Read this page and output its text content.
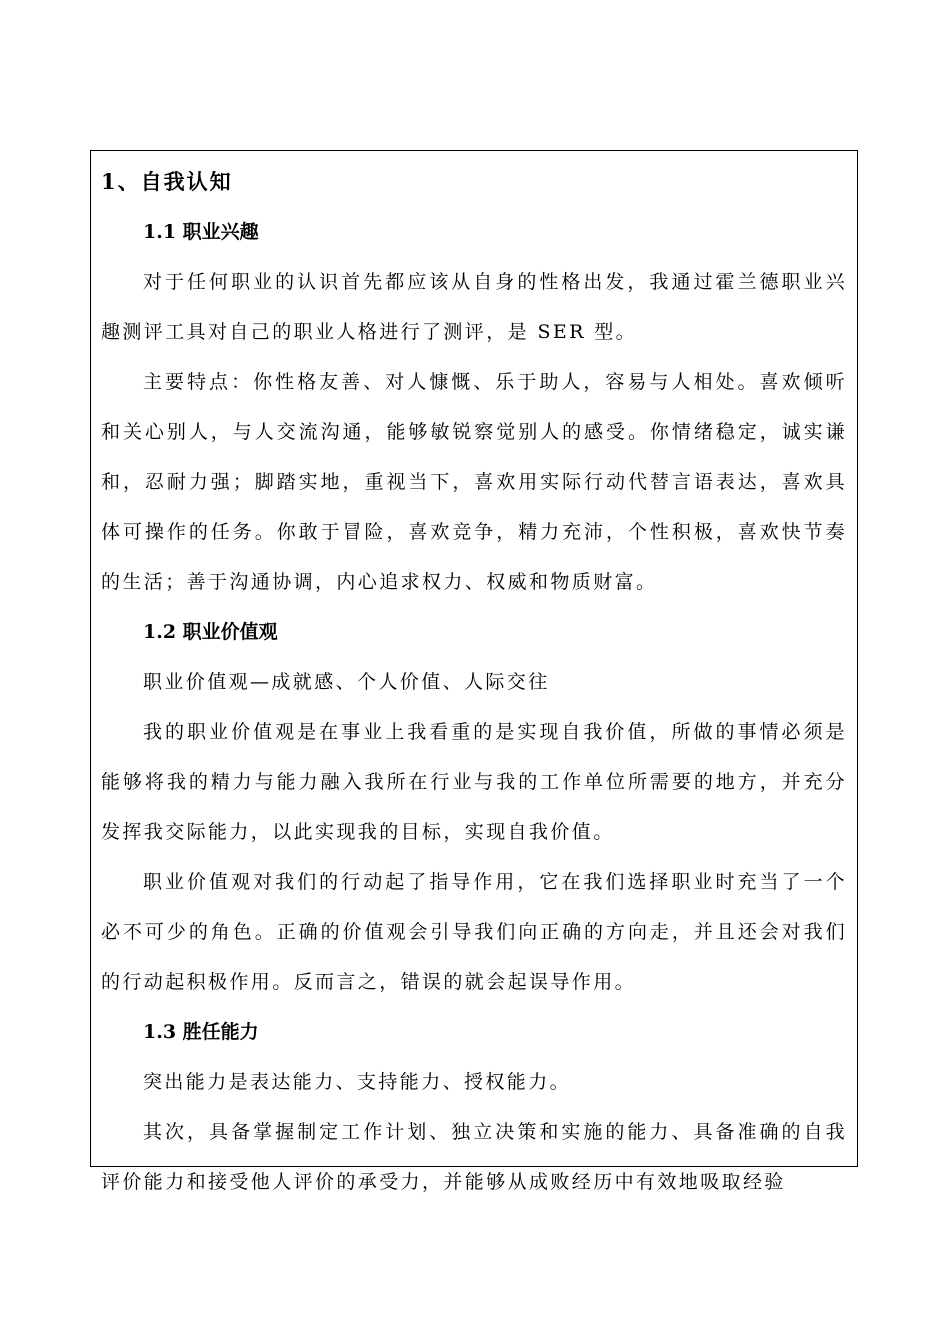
1、自我认知
1.1 职业兴趣

对于任何职业的认识首先都应该从自身的性格出发，我通过霍兰德职业兴趣测评工具对自己的职业人格进行了测评，是 SER 型。

主要特点：你性格友善、对人慷慨、乐于助人，容易与人相处。喜欢倾听和关心别人，与人交流沟通，能够敏锐察觉别人的感受。你情绪稳定，诚实谦和，忍耐力强；脚踏实地，重视当下，喜欢用实际行动代替言语表达，喜欢具体可操作的任务。你敢于冒险，喜欢竞争，精力充沛，个性积极，喜欢快节奏的生活；善于沟通协调，内心追求权力、权威和物质财富。

1.2 职业价值观

职业价值观—成就感、个人价值、人际交往

我的职业价值观是在事业上我看重的是实现自我价值，所做的事情必须是能够将我的精力与能力融入我所在行业与我的工作单位所需要的地方，并充分发挥我交际能力，以此实现我的目标，实现自我价值。

职业价值观对我们的行动起了指导作用，它在我们选择职业时充当了一个必不可少的角色。正确的价值观会引导我们向正确的方向走，并且还会对我们的行动起积极作用。反而言之，错误的就会起误导作用。

1.3 胜任能力

突出能力是表达能力、支持能力、授权能力。

其次，具备掌握制定工作计划、独立决策和实施的能力、具备准确的自我评价能力和接受他人评价的承受力，并能够从成败经历中有效地吸取经验
